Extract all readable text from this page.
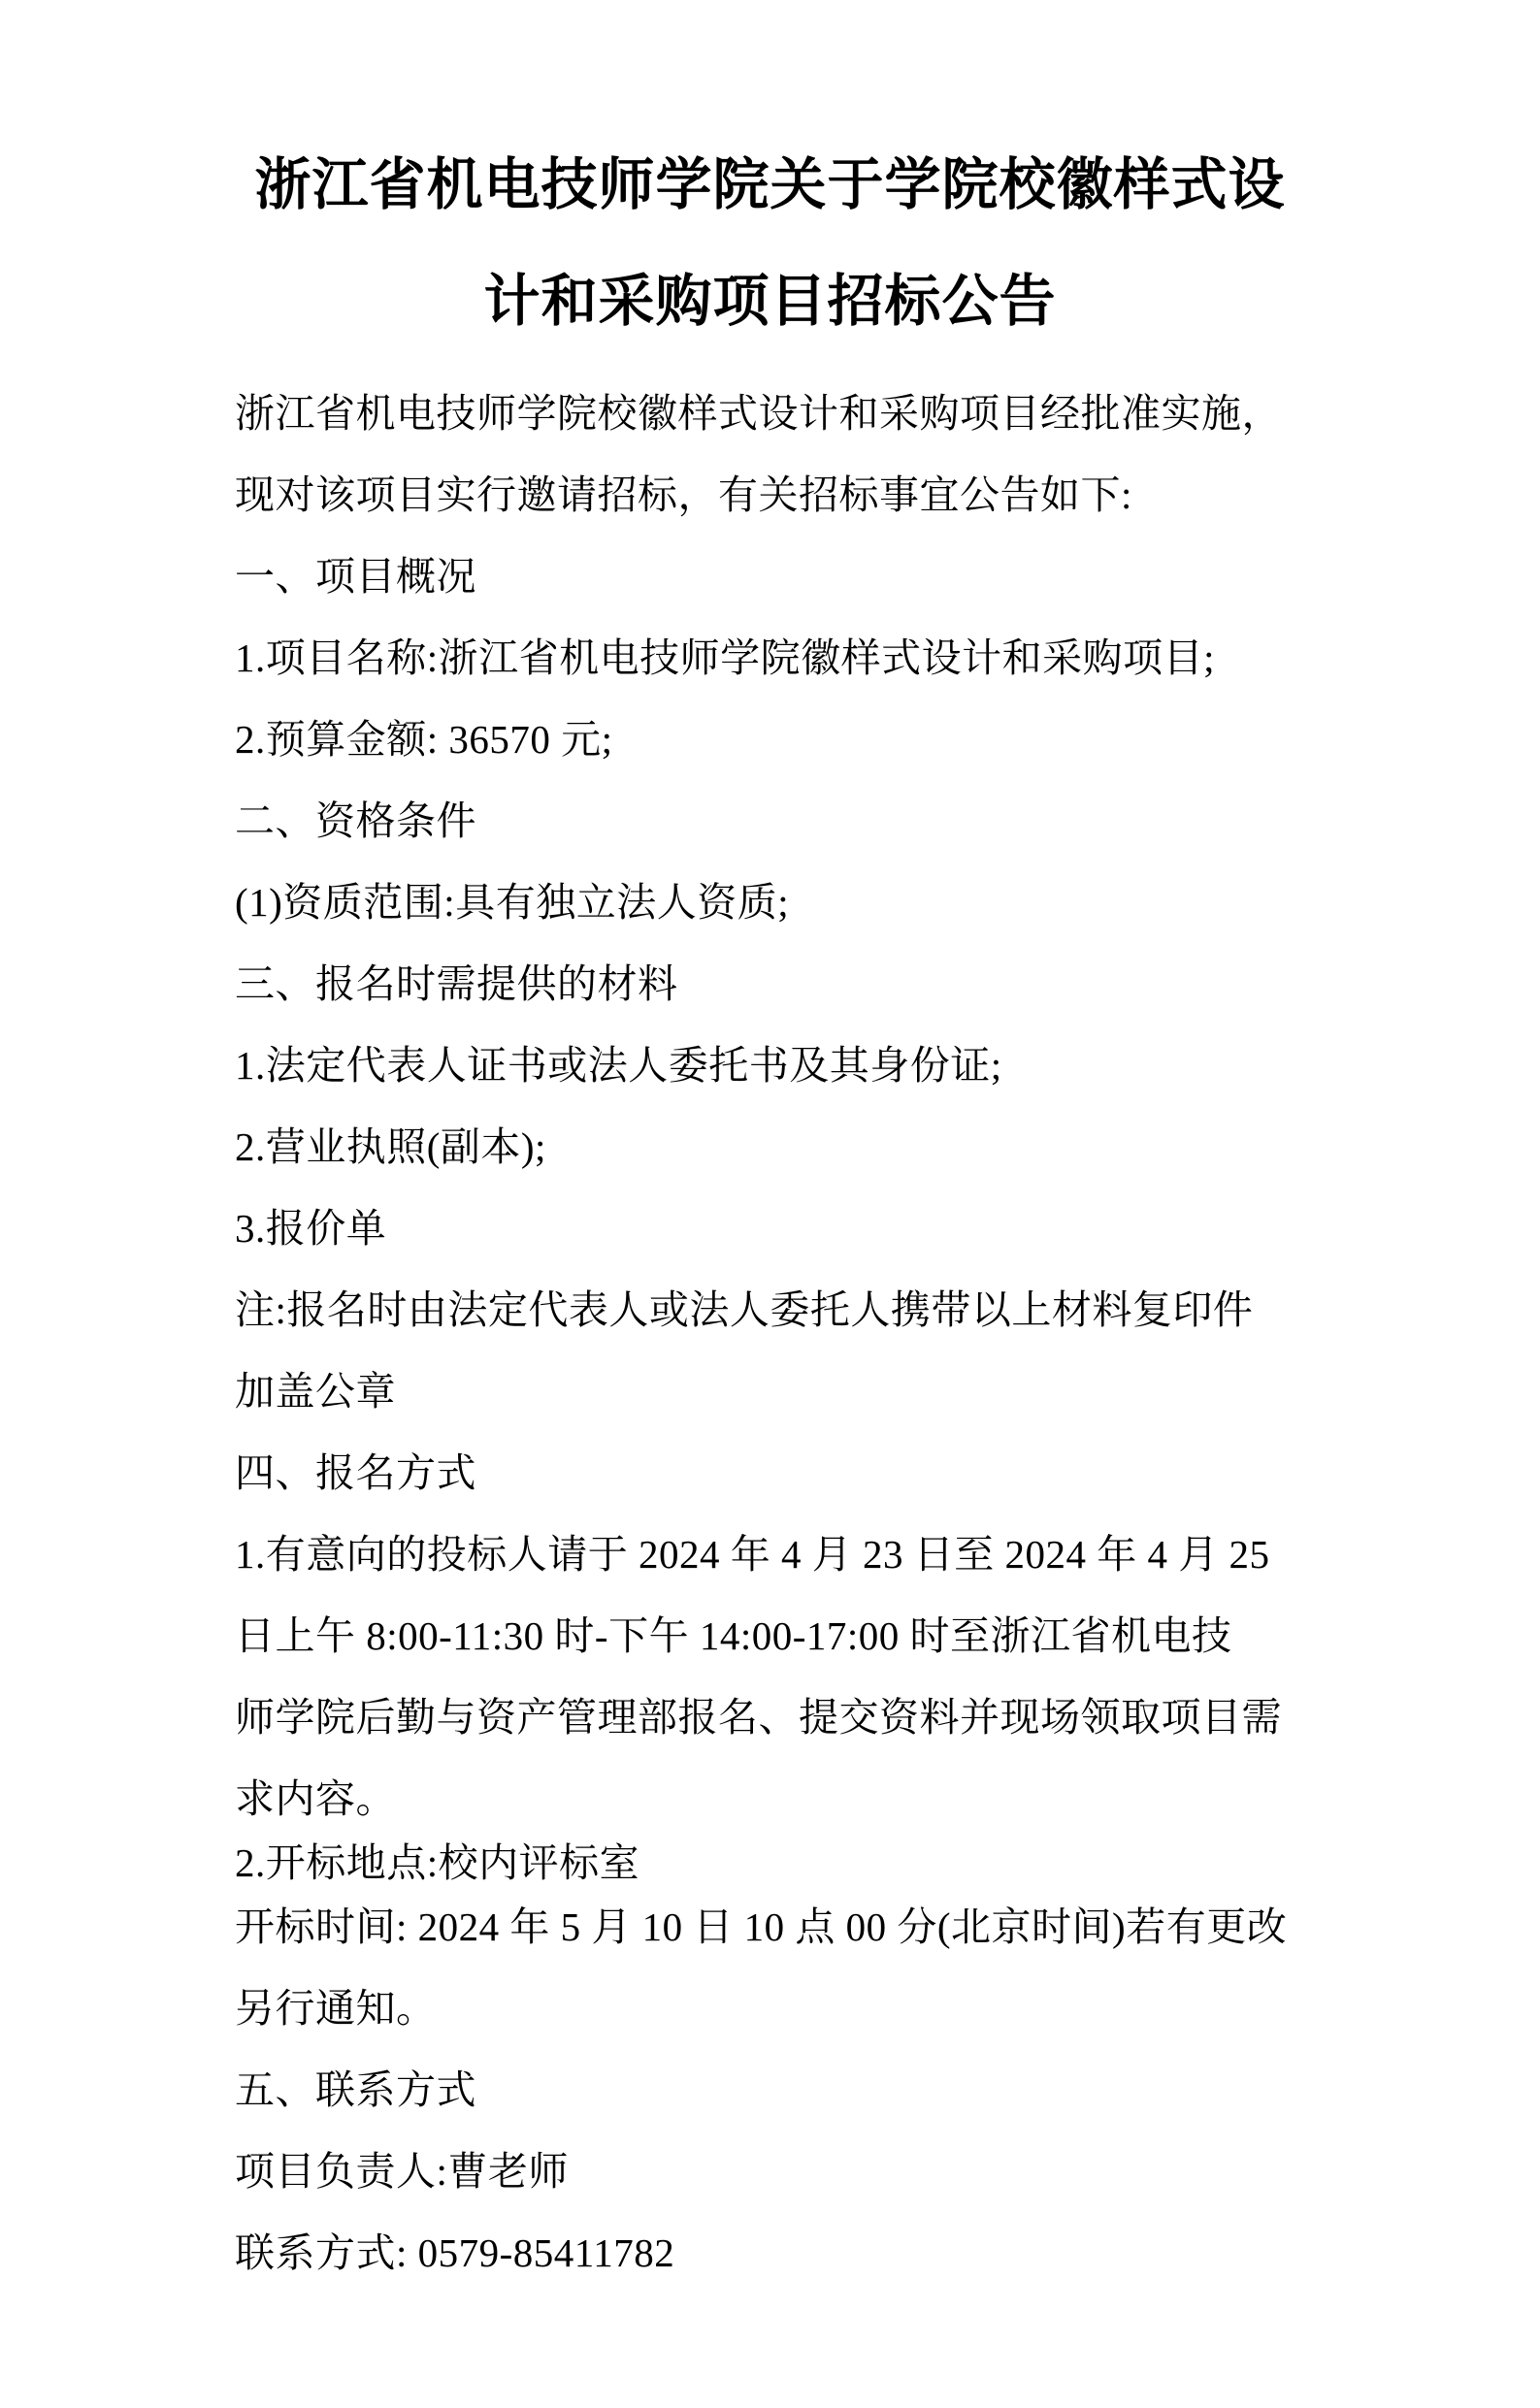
浙江省机电技师学院关于学院校徽样式设
计和采购项目招标公告
浙江省机电技师学院校徽样式设计和采购项目经批准实施，
现对该项目实行邀请招标，有关招标事宜公告如下:
一、项目概况
1.项目名称:浙江省机电技师学院徽样式设计和采购项目;
2.预算金额: 36570 元;
二、资格条件
(1)资质范围:具有独立法人资质;
三、报名时需提供的材料
1.法定代表人证书或法人委托书及其身份证;
2.营业执照(副本);
3.报价单
注:报名时由法定代表人或法人委托人携带以上材料复印件
加盖公章
四、报名方式
1.有意向的投标人请于 2024 年 4 月 23 日至 2024 年 4 月 25
日上午 8:00-11:30 时-下午 14:00-17:00 时至浙江省机电技
师学院后勤与资产管理部报名、提交资料并现场领取项目需
求内容。
2.开标地点:校内评标室
开标时间: 2024 年 5 月 10 日 10 点 00 分(北京时间)若有更改
另行通知。
五、联系方式
项目负责人:曹老师
联系方式: 0579-85411782
